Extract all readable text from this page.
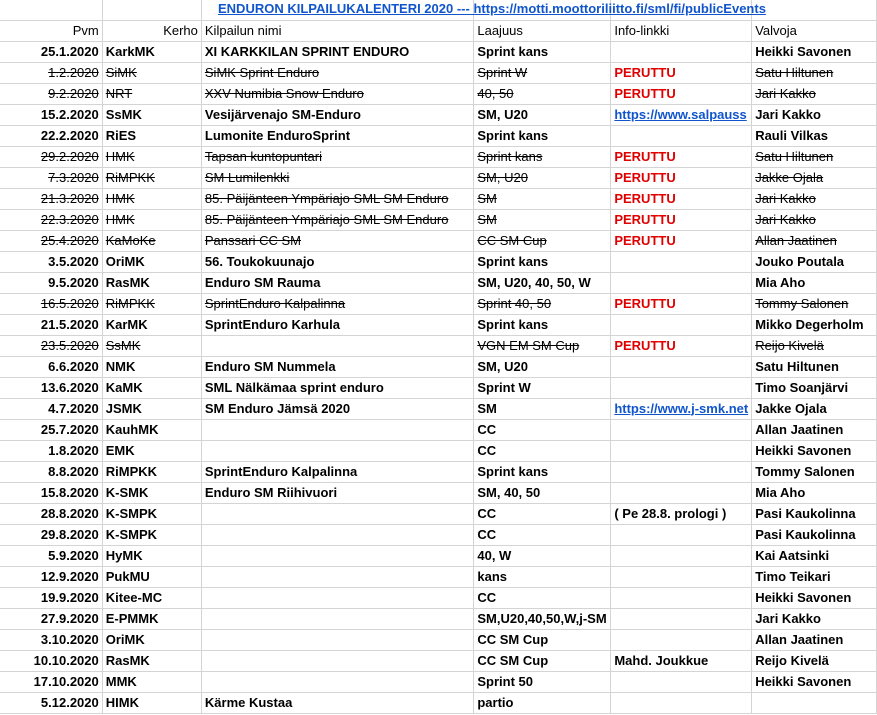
Pvm	Kerho	Kilpailun nimi	Laajuus	Info-linkki	Valvoja
25.1.2020	KarkMK	XI KARKKILAN SPRINT ENDURO	Sprint kans		Heikki Savonen
1.2.2020	SiMK	SiMK Sprint Enduro	Sprint W	PERUTTU	Satu Hiltunen
9.2.2020	NRT	XXV Numibia Snow Enduro	40, 50	PERUTTU	Jari Kakko
15.2.2020	SsMK	Vesijärvenajo SM-Enduro	SM, U20	https://www.salpauss	Jari Kakko
22.2.2020	RiES	Lumonite EnduroSprint	Sprint kans		Rauli Vilkas
29.2.2020	HMK	Tapsan kuntopuntari	Sprint kans	PERUTTU	Satu Hiltunen
7.3.2020	RiMPKK	SM Lumilenkki	SM, U20	PERUTTU	Jakke Ojala
21.3.2020	HMK	85. Päijänteen Ympäriajo SML SM Enduro	SM	PERUTTU	Jari Kakko
22.3.2020	HMK	85. Päijänteen Ympäriajo SML SM Enduro	SM	PERUTTU	Jari Kakko
25.4.2020	KaMoKe	Panssari CC SM	CC SM Cup	PERUTTU	Allan Jaatinen
3.5.2020	OriMK	56. Toukokuunajo	Sprint kans		Jouko Poutala
9.5.2020	RasMK	Enduro SM Rauma	SM, U20, 40, 50, W		Mia Aho
16.5.2020	RiMPKK	SprintEnduro Kalpalinna	Sprint 40, 50	PERUTTU	Tommy Salonen
21.5.2020	KarMK	SprintEnduro Karhula	Sprint kans		Mikko Degerholm
23.5.2020	SsMK		VGN EM SM Cup	PERUTTU	Reijo Kivelä
6.6.2020	NMK	Enduro SM Nummela	SM, U20		Satu Hiltunen
13.6.2020	KaMK	SML Nälkämaa sprint enduro	Sprint W		Timo Soanjärvi
4.7.2020	JSMK	SM Enduro Jämsä 2020	SM	https://www.j-smk.net	Jakke Ojala
25.7.2020	KauhMK		CC		Allan Jaatinen
1.8.2020	EMK		CC		Heikki Savonen
8.8.2020	RiMPKK	SprintEnduro Kalpalinna	Sprint kans		Tommy Salonen
15.8.2020	K-SMK	Enduro SM Riihivuori	SM, 40, 50		Mia Aho
28.8.2020	K-SMPK		CC	( Pe 28.8. prologi )	Pasi Kaukolinna
29.8.2020	K-SMPK		CC		Pasi Kaukolinna
5.9.2020	HyMK		40, W		Kai Aatsinki
12.9.2020	PukMU		kans		Timo Teikari
19.9.2020	Kitee-MC		CC		Heikki Savonen
27.9.2020	E-PMMK		SM,U20,40,50,W,j-SM		Jari Kakko
3.10.2020	OriMK		CC SM Cup		Allan Jaatinen
10.10.2020	RasMK		CC SM Cup	Mahd. Joukkue	Reijo Kivelä
17.10.2020	MMK		Sprint 50		Heikki Savonen
5.12.2020	HIMK	Kärme Kustaa	partio		
ENDURON KILPAILUKALENTERI 2020 --- https://motti.moottoriliitto.fi/sml/fi/publicEvents
